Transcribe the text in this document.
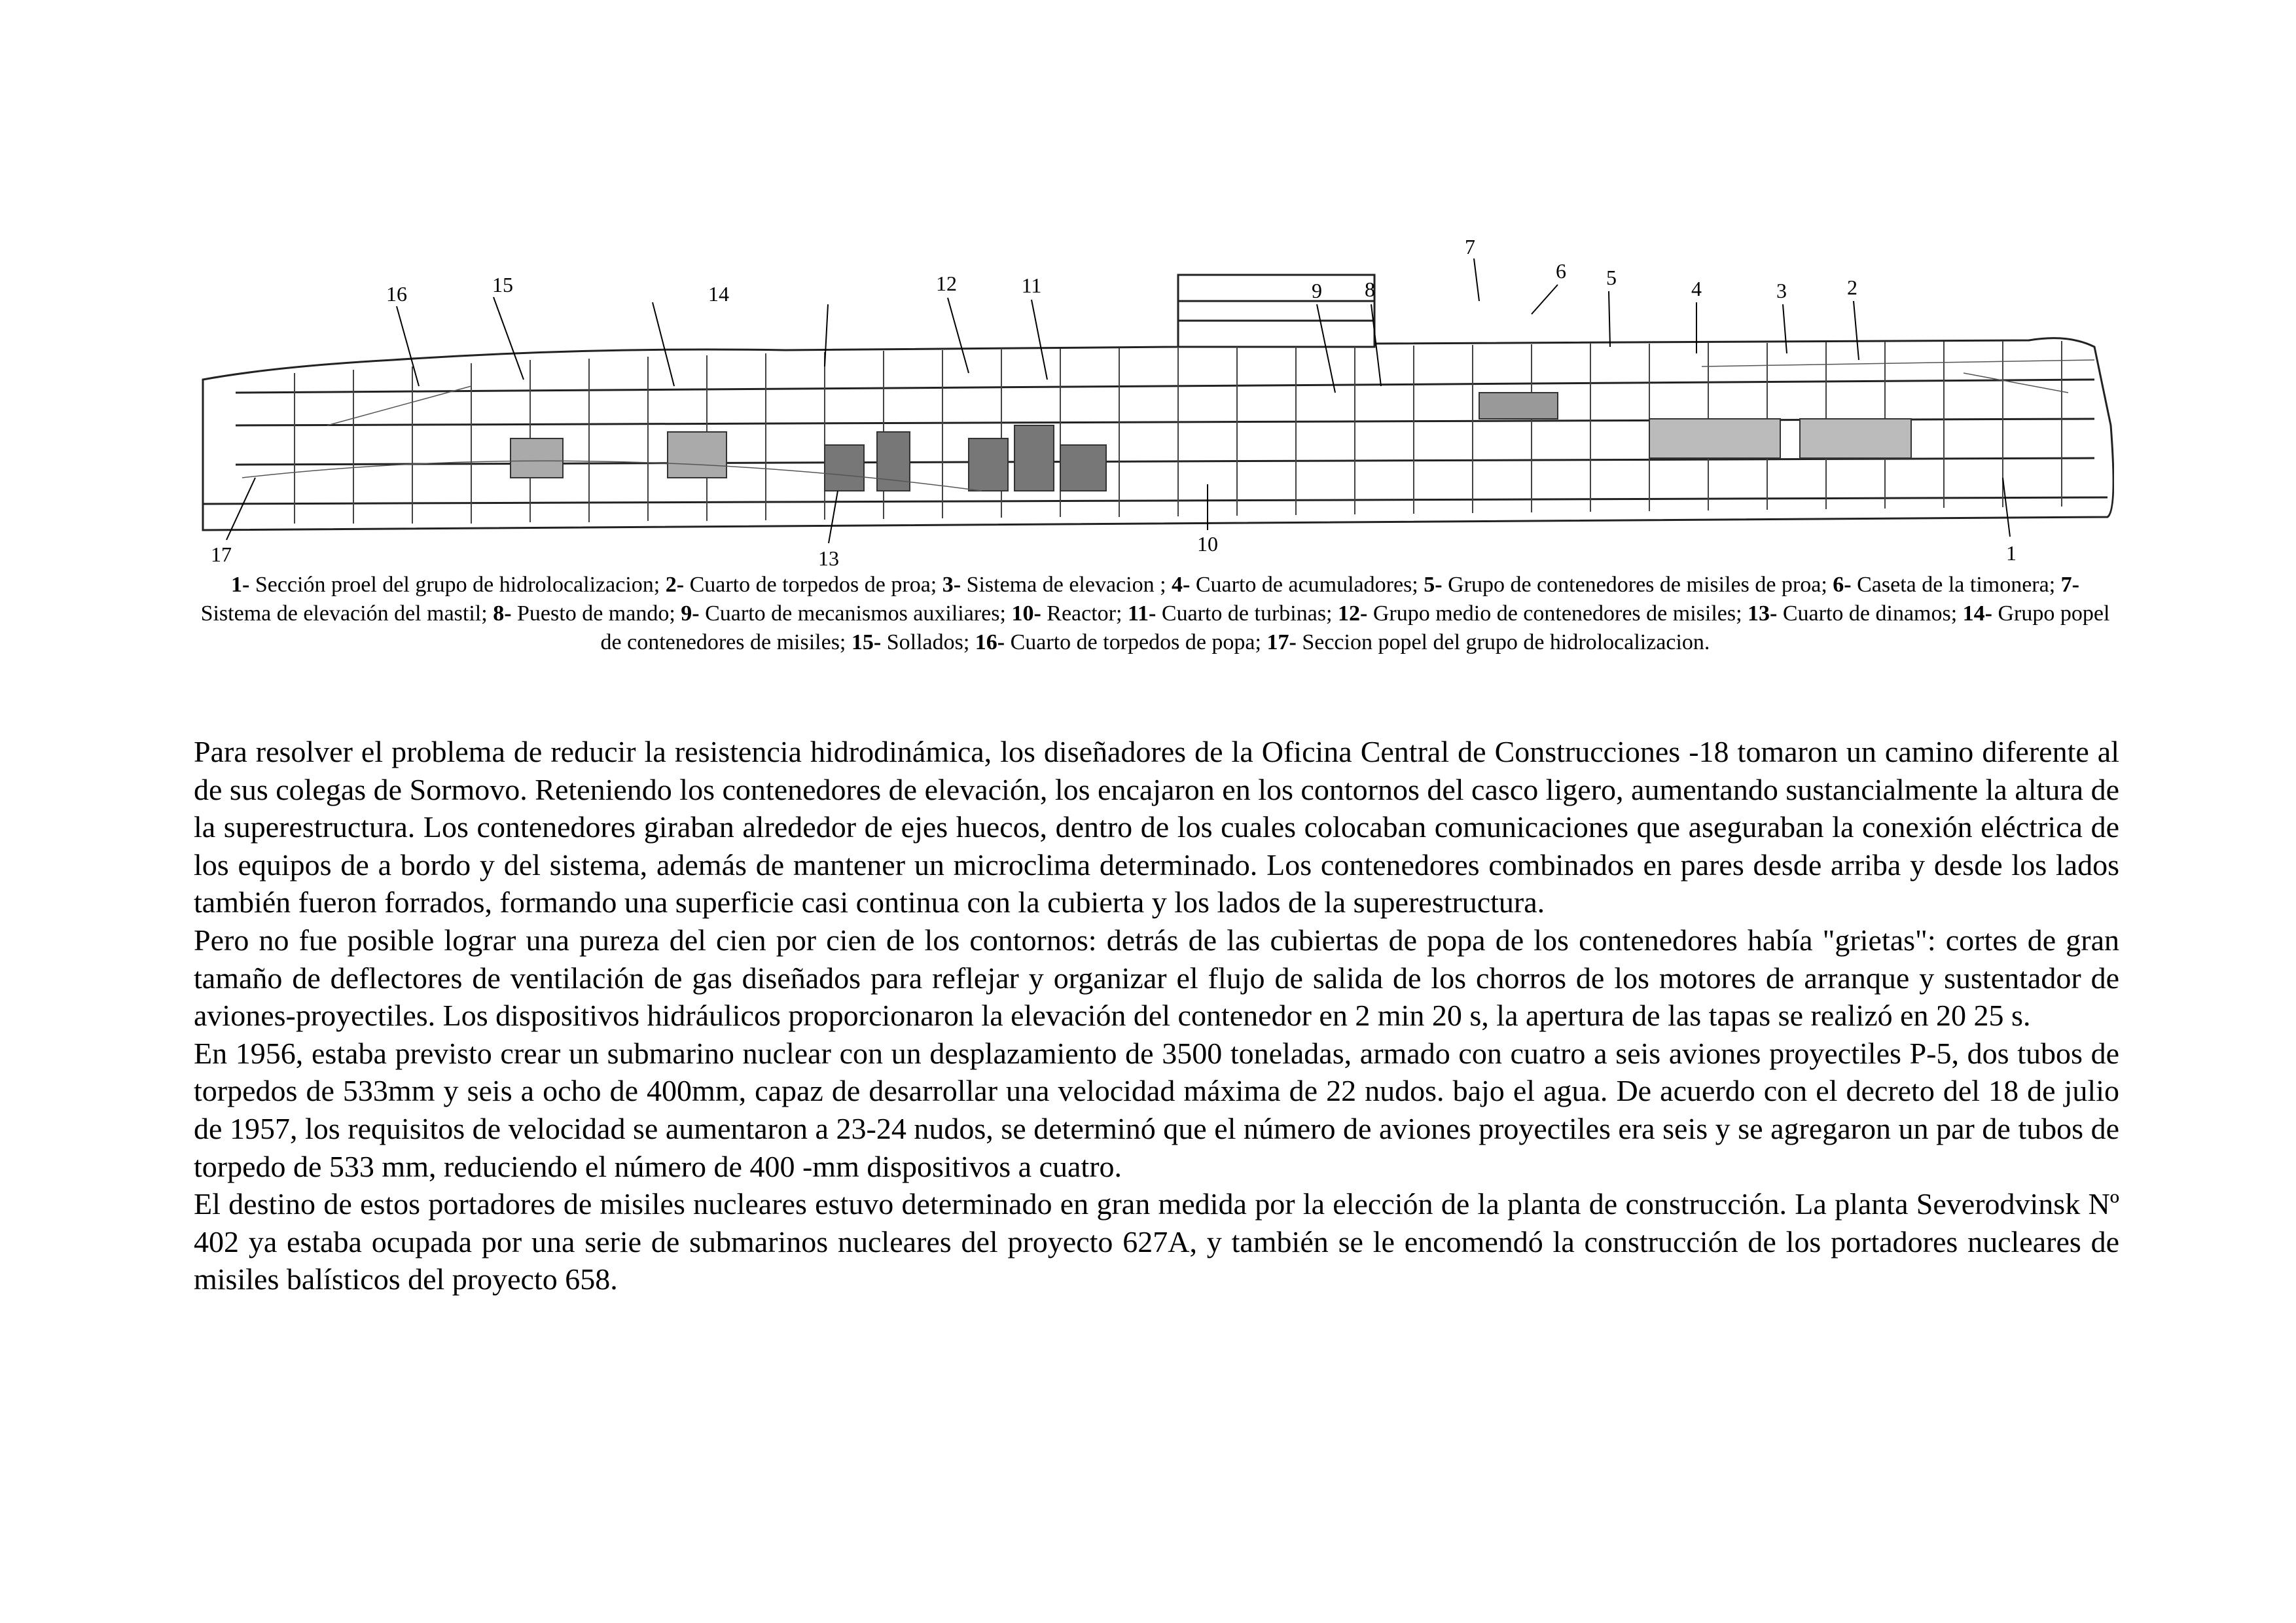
1
2
3
4
5
6
7
8
9
10
11
12
13
14
15
16
17
1- Sección proel del grupo de hidrolocalizacion; 2- Cuarto de torpedos de proa; 3- Sistema de elevacion ; 4- Cuarto de acumuladores; 5- Grupo de contenedores de misiles de proa; 6- Caseta de la timonera; 7- Sistema de elevación del mastil; 8- Puesto de mando; 9- Cuarto de mecanismos auxiliares; 10- Reactor; 11- Cuarto de turbinas; 12- Grupo medio de contenedores de misiles; 13- Cuarto de dinamos; 14- Grupo popel de contenedores de misiles; 15- Sollados; 16- Cuarto de torpedos de popa; 17- Seccion popel del grupo de hidrolocalizacion.

Para resolver el problema de reducir la resistencia hidrodinámica, los diseñadores de la Oficina Central de Construcciones -18 tomaron un camino diferente al de sus colegas de Sormovo. Reteniendo los contenedores de elevación, los encajaron en los contornos del casco ligero, aumentando sustancialmente la altura de la superestructura. Los contenedores giraban alrededor de ejes huecos, dentro de los cuales colocaban comunicaciones que aseguraban la conexión eléctrica de los equipos de a bordo y del sistema, además de mantener un microclima determinado. Los contenedores combinados en pares desde arriba y desde los lados también fueron forrados, formando una superficie casi continua con la cubierta y los lados de la superestructura.

Pero no fue posible lograr una pureza del cien por cien de los contornos: detrás de las cubiertas de popa de los contenedores había "grietas": cortes de gran tamaño de deflectores de ventilación de gas diseñados para reflejar y organizar el flujo de salida de los chorros de los motores de arranque y sustentador de aviones-proyectiles. Los dispositivos hidráulicos proporcionaron la elevación del contenedor en 2 min 20 s, la apertura de las tapas se realizó en 20 25 s.

En 1956, estaba previsto crear un submarino nuclear con un desplazamiento de 3500 toneladas, armado con cuatro a seis aviones proyectiles P-5, dos tubos de torpedos de 533mm y seis a ocho de 400mm, capaz de desarrollar una velocidad máxima de 22 nudos. bajo el agua. De acuerdo con el decreto del 18 de julio de 1957, los requisitos de velocidad se aumentaron a 23-24 nudos, se determinó que el número de aviones proyectiles era seis y se agregaron un par de tubos de torpedo de 533 mm, reduciendo el número de 400 -mm dispositivos a cuatro.

El destino de estos portadores de misiles nucleares estuvo determinado en gran medida por la elección de la planta de construcción. La planta Severodvinsk Nº 402 ya estaba ocupada por una serie de submarinos nucleares del proyecto 627A, y también se le encomendó la construcción de los portadores nucleares de misiles balísticos del proyecto 658.
